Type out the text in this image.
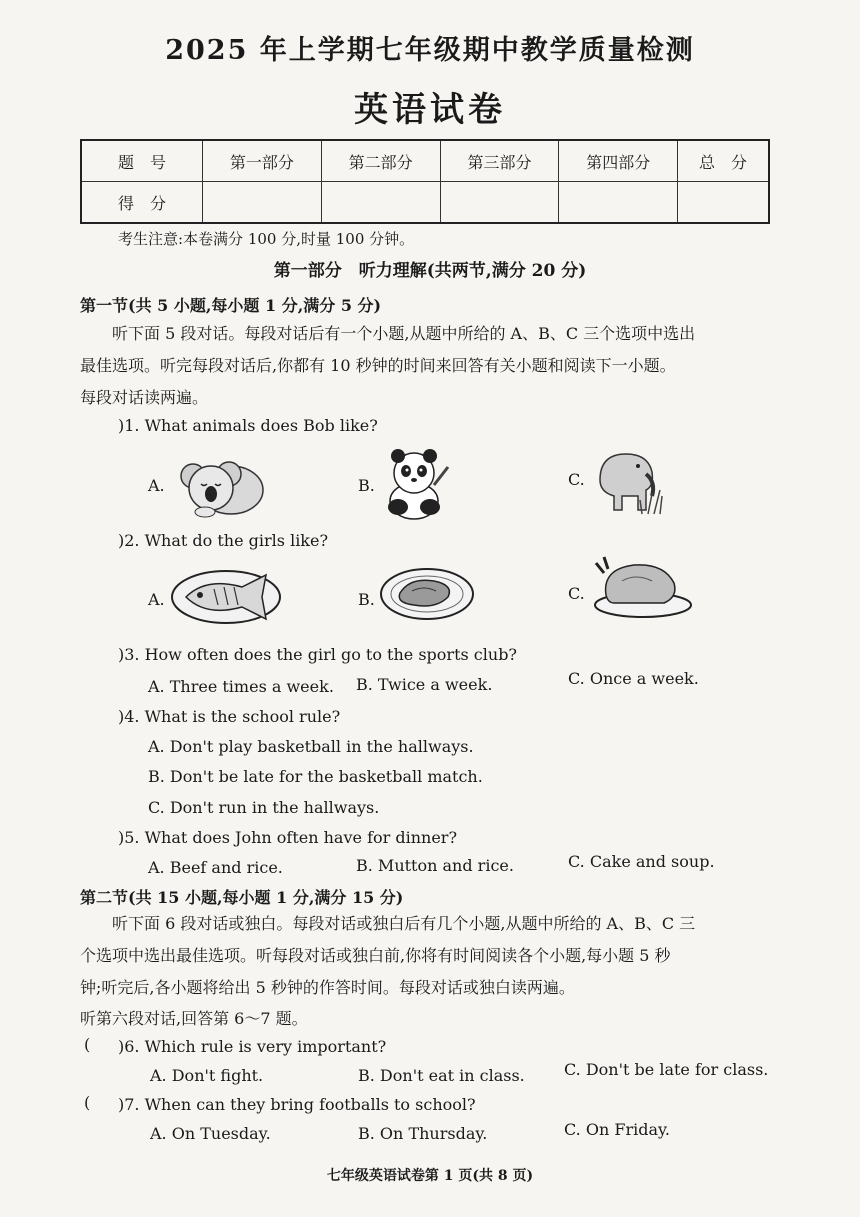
2025 年上学期七年级期中教学质量检测
英语试卷
题　号	第一部分	第二部分	第三部分	第四部分	总　分
得　分					
考生注意:本卷满分 100 分,时量 100 分钟。
第一部分　听力理解(共两节,满分 20 分)
第一节(共 5 小题,每小题 1 分,满分 5 分)

听下面 5 段对话。每段对话后有一个小题,从题中所给的 A、B、C 三个选项中选出

最佳选项。听完每段对话后,你都有 10 秒钟的时间来回答有关小题和阅读下一小题。

每段对话读两遍。

)1. What animals does Bob like?
A.	B.	C.
)2. What do the girls like?
A.	B.	C.
)3. How often does the girl go to the sports club?
A. Three times a week. B. Twice a week.	C. Once a week.
)4. What is the school rule?
A. Don't play basketball in the hallways.
B. Don't be late for the basketball match.
C. Don't run in the hallways.
)5. What does John often have for dinner?
A. Beef and rice.	B. Mutton and rice.	C. Cake and soup.
第二节(共 15 小题,每小题 1 分,满分 15 分)

听下面 6 段对话或独白。每段对话或独白后有几个小题,从题中所给的 A、B、C 三

个选项中选出最佳选项。听每段对话或独白前,你将有时间阅读各个小题,每小题 5 秒

钟;听完后,各小题将给出 5 秒钟的作答时间。每段对话或独白读两遍。

听第六段对话,回答第 6～7 题。
( )6. Which rule is very important?
A. Don't fight.	B. Don't eat in class. C. Don't be late for class.
( )7. When can they bring footballs to school?
A. On Tuesday.	B. On Thursday.	C. On Friday.
七年级英语试卷第 1 页(共 8 页)
